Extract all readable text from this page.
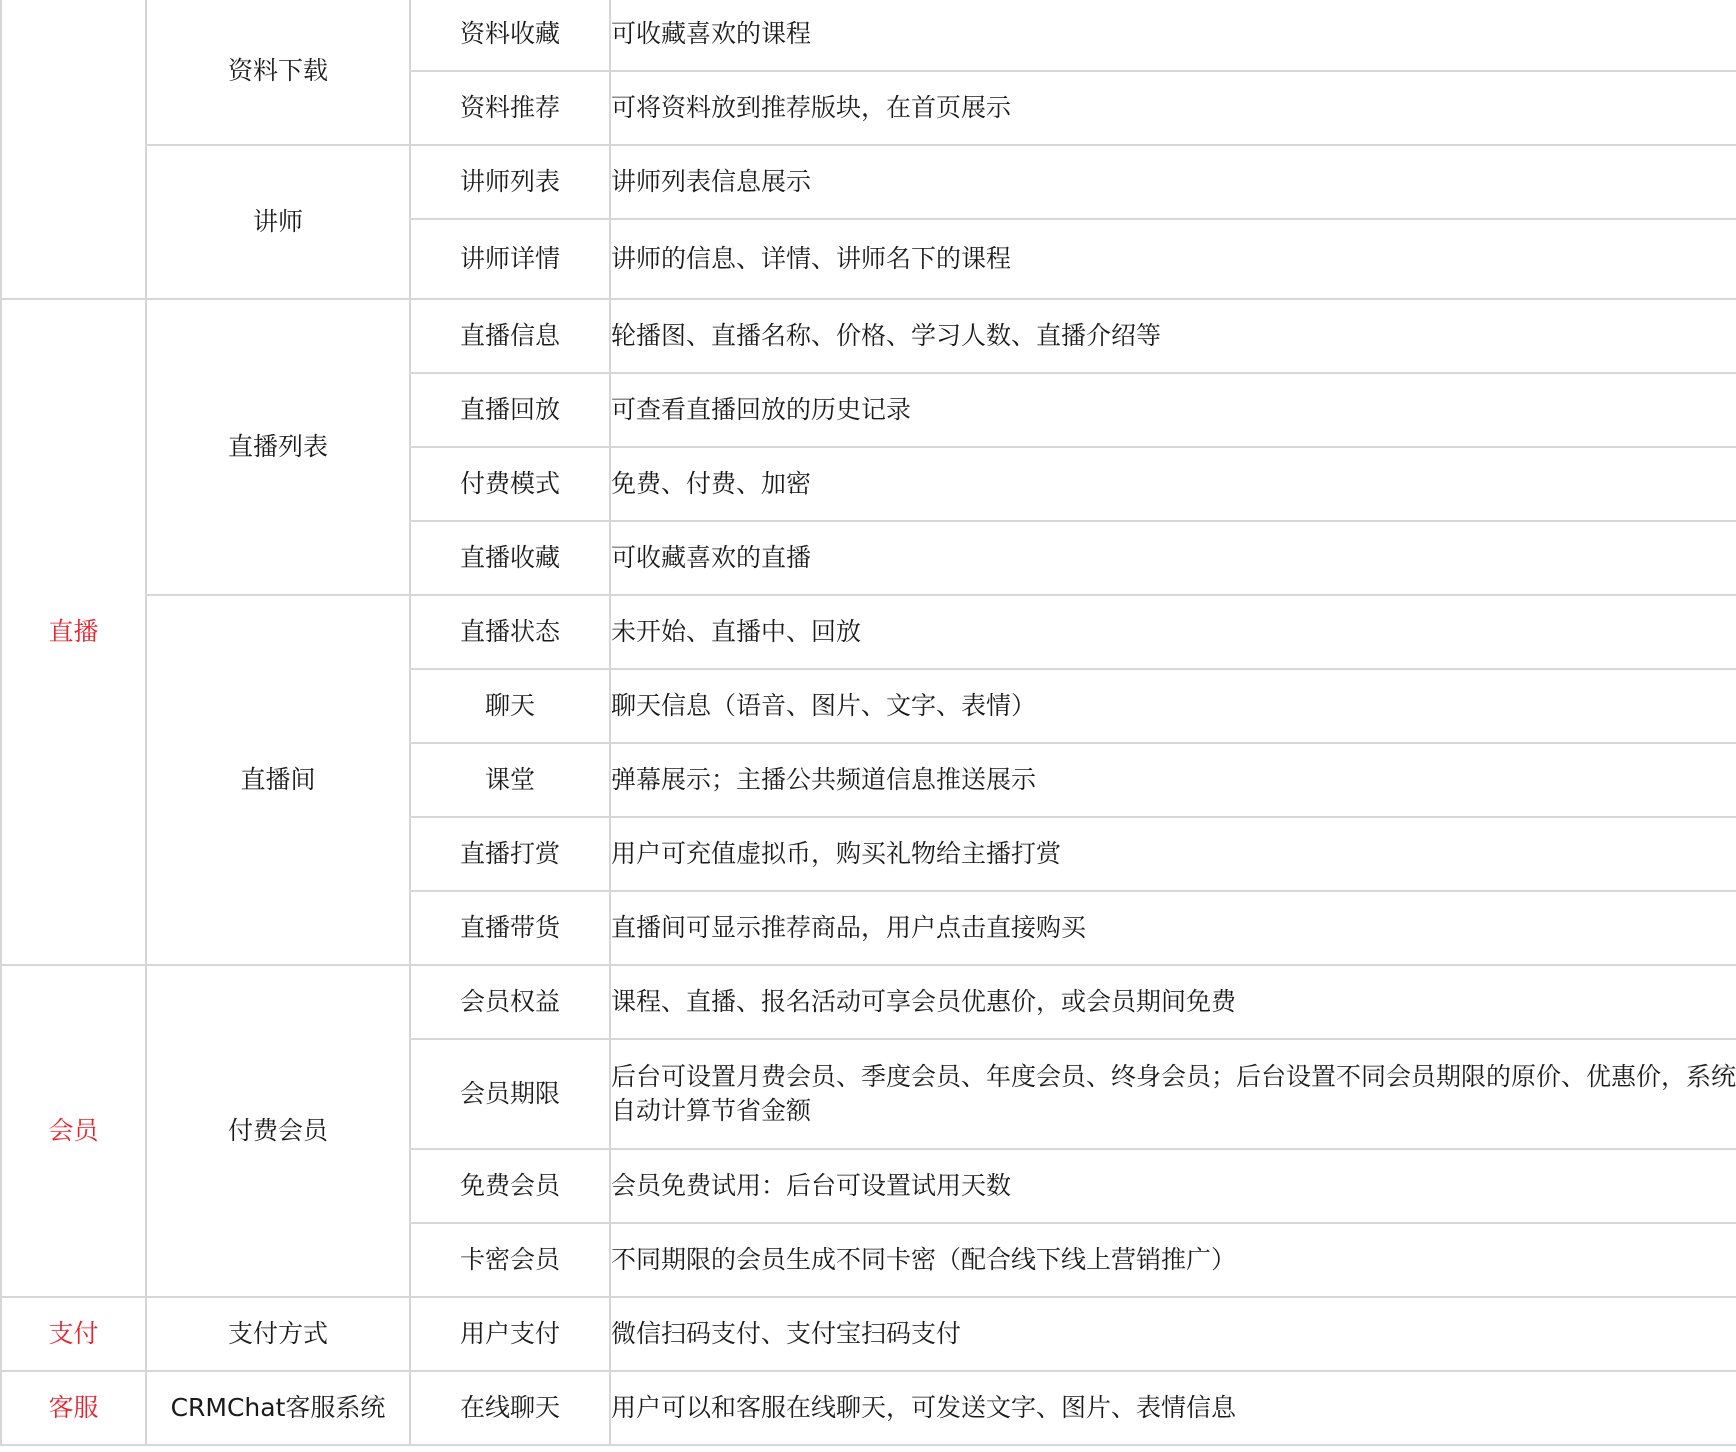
	资料下载	资料收藏	可收藏喜欢的课程
		资料推荐	可将资料放到推荐版块，在首页展示
	讲师	讲师列表	讲师列表信息展示
		讲师详情	讲师的信息、详情、讲师名下的课程
直播	直播列表	直播信息	轮播图、直播名称、价格、学习人数、直播介绍等
		直播回放	可查看直播回放的历史记录
		付费模式	免费、付费、加密
		直播收藏	可收藏喜欢的直播
	直播间	直播状态	未开始、直播中、回放
		聊天	聊天信息（语音、图片、文字、表情）
		课堂	弹幕展示；主播公共频道信息推送展示
		直播打赏	用户可充值虚拟币，购买礼物给主播打赏
		直播带货	直播间可显示推荐商品，用户点击直接购买
会员	付费会员	会员权益	课程、直播、报名活动可享会员优惠价，或会员期间免费
		会员期限	后台可设置月费会员、季度会员、年度会员、终身会员；后台设置不同会员期限的原价、优惠价，系统自动计算节省金额
		免费会员	会员免费试用：后台可设置试用天数
		卡密会员	不同期限的会员生成不同卡密（配合线下线上营销推广）
支付	支付方式	用户支付	微信扫码支付、支付宝扫码支付
客服	CRMChat客服系统	在线聊天	用户可以和客服在线聊天，可发送文字、图片、表情信息
